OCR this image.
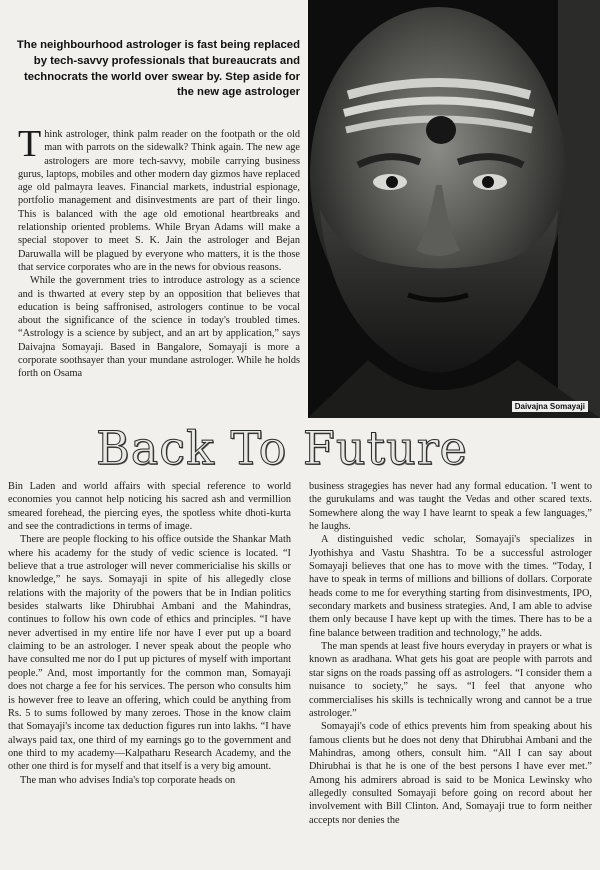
The neighbourhood astrologer is fast being replaced by tech-savvy professionals that bureaucrats and technocrats the world over swear by. Step aside for the new age astrologer
Daivajna Somayaji

Think astrologer, think palm reader on the footpath or the old man with parrots on the sidewalk? Think again. The new age astrologers are more tech-savvy, mobile carrying business gurus, laptops, mobiles and other modern day gizmos have replaced age old palmayra leaves. Financial markets, industrial espionage, portfolio management and disinvestments are part of their lingo. This is balanced with the age old emotional heartbreaks and relationship oriented problems. While Bryan Adams will make a special stopover to meet S. K. Jain the astrologer and Bejan Daruwalla will be plagued by everyone who matters, it is the those that service corporates who are in the news for obvious reasons.

While the government tries to introduce astrology as a science and is thwarted at every step by an opposition that believes that education is being saffronised, astrologers continue to be vocal about the significance of the science in today's troubled times. “Astrology is a science by subject, and an art by application,” says Daivajna Somayaji. Based in Bangalore, Somayaji is more a corporate soothsayer than your mundane astrologer. While he holds forth on Osama

Back To Future

Bin Laden and world affairs with special reference to world economies you cannot help noticing his sacred ash and vermillion smeared forehead, the piercing eyes, the spotless white dhoti-kurta and see the contradictions in terms of image.

There are people flocking to his office outside the Shankar Math where his academy for the study of vedic science is located. “I believe that a true astrologer will never commericialise his skills or knowledge,” he says. Somayaji in spite of his allegedly close relations with the majority of the powers that be in Indian politics besides stalwarts like Dhirubhai Ambani and the Mahindras, continues to follow his own code of ethics and principles. “I have never advertised in my entire life nor have I ever put up a board claiming to be an astrologer. I never speak about the people who have consulted me nor do I put up pictures of myself with important people.” And, most importantly for the common man, Somayaji does not charge a fee for his services. The person who consults him is however free to leave an offering, which could be anything from Rs. 5 to sums followed by many zeroes. Those in the know claim that Somayaji's income tax deduction figures run into lakhs. “I have always paid tax, one third of my earnings go to the government and one third to my academy—Kalpatharu Research Academy, and the other one third is for myself and that itself is a very big amount.

The man who advises India's top corporate heads on

business stragegies has never had any formal education. 'I went to the gurukulams and was taught the Vedas and other scared texts. Somewhere along the way I have learnt to speak a few languages,” he laughs.

A distinguished vedic scholar, Somayaji's specializes in Jyothishya and Vastu Shashtra. To be a successful astrologer Somayaji believes that one has to move with the times. “Today, I have to speak in terms of millions and billions of dollars. Corporate heads come to me for everything starting from disinvestments, IPO, secondary markets and business strategies. And, I am able to advise them only because I have kept up with the times. There has to be a fine balance between tradition and technology,” he adds.

The man spends at least five hours everyday in prayers or what is known as aradhana. What gets his goat are people with parrots and star signs on the roads passing off as astrologers. “I consider them a nuisance to society,” he says. “I feel that anyone who commercialises his skills is technically wrong and cannot be a true astrologer.”

Somayaji's code of ethics prevents him from speaking about his famous clients but he does not deny that Dhirubhai Ambani and the Mahindras, among others, consult him. “All I can say about Dhirubhai is that he is one of the best persons I have ever met.” Among his admirers abroad is said to be Monica Lewinsky who allegedly consulted Somayaji before going on record about her involvement with Bill Clinton. And, Somayaji true to form neither accepts nor denies the
